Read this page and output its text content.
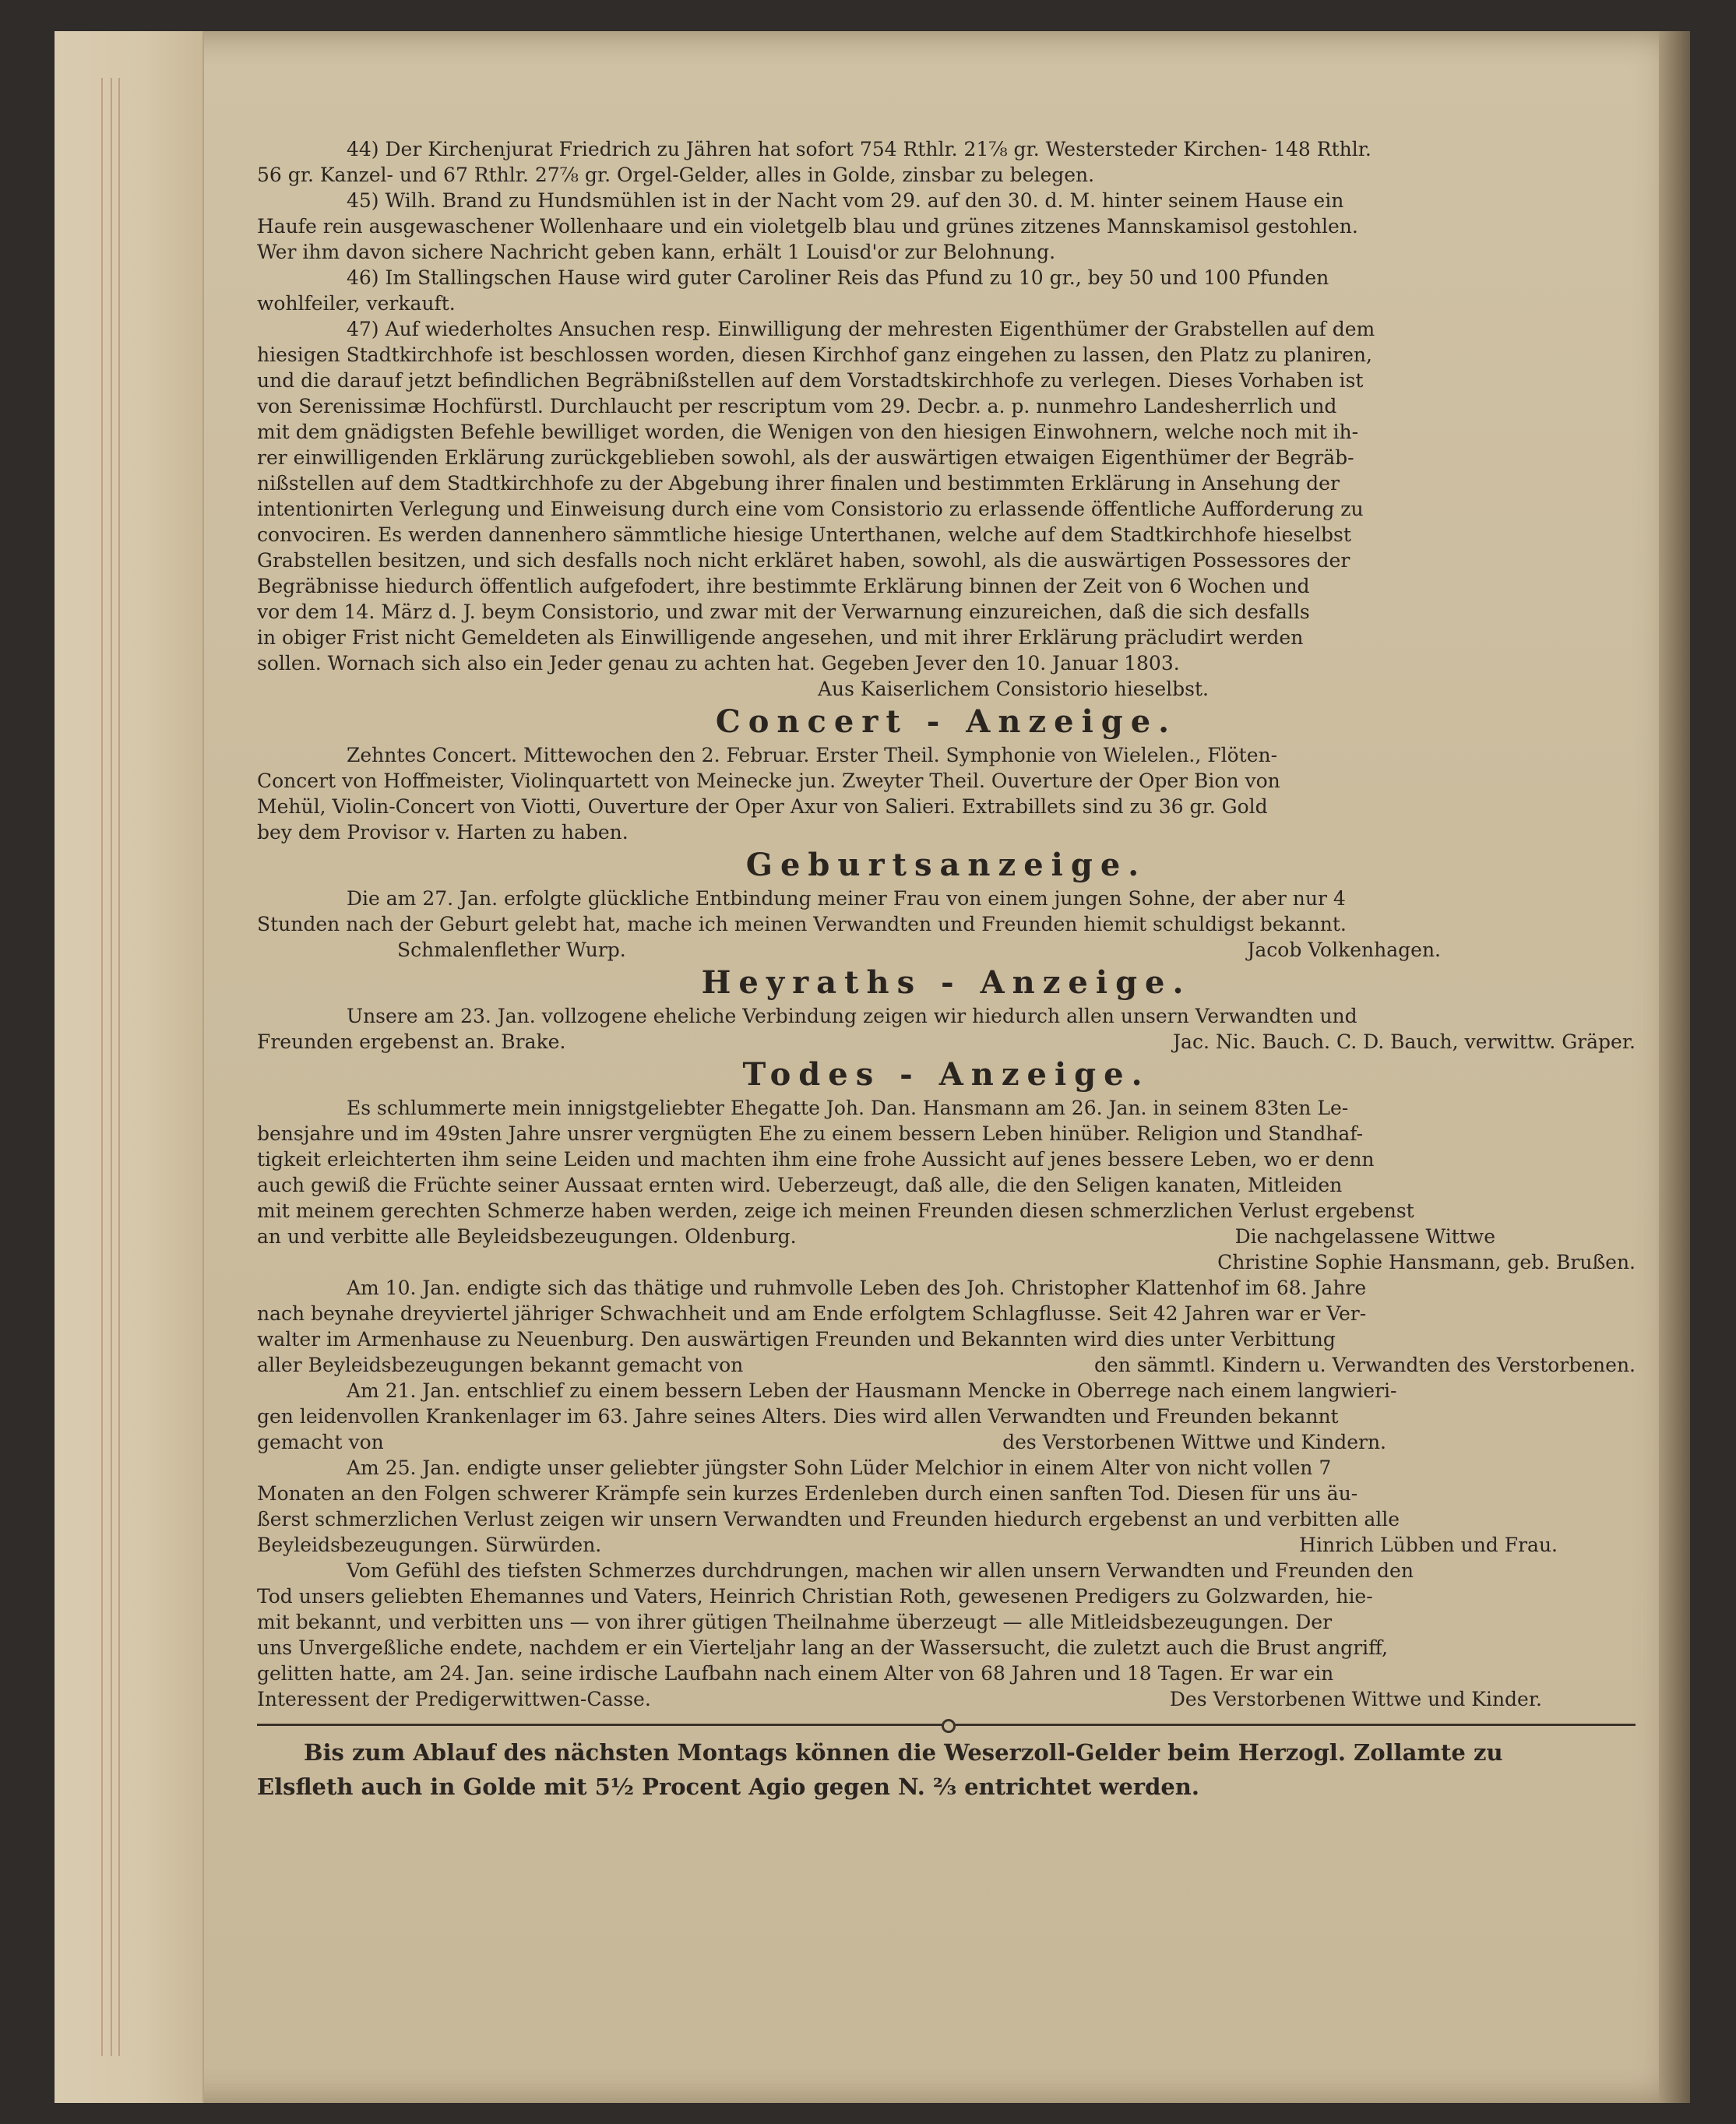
44) Der Kirchenjurat Friedrich zu Jähren hat sofort 754 Rthlr. 21⅞ gr. Westersteder Kirchen- 148 Rthlr.
56 gr. Kanzel- und 67 Rthlr. 27⅞ gr. Orgel-Gelder, alles in Golde, zinsbar zu belegen.
45) Wilh. Brand zu Hundsmühlen ist in der Nacht vom 29. auf den 30. d. M. hinter seinem Hause ein
Haufe rein ausgewaschener Wollenhaare und ein violetgelb blau und grünes zitzenes Mannskamisol gestohlen.
Wer ihm davon sichere Nachricht geben kann, erhält 1 Louisd'or zur Belohnung.
46) Im Stallingschen Hause wird guter Caroliner Reis das Pfund zu 10 gr., bey 50 und 100 Pfunden
wohlfeiler, verkauft.
47) Auf wiederholtes Ansuchen resp. Einwilligung der mehresten Eigenthümer der Grabstellen auf dem
hiesigen Stadtkirchhofe ist beschlossen worden, diesen Kirchhof ganz eingehen zu lassen, den Platz zu planiren,
und die darauf jetzt befindlichen Begräbnißstellen auf dem Vorstadtskirchhofe zu verlegen. Dieses Vorhaben ist
von Serenissimæ Hochfürstl. Durchlaucht per rescriptum vom 29. Decbr. a. p. nunmehro Landesherrlich und
mit dem gnädigsten Befehle bewilliget worden, die Wenigen von den hiesigen Einwohnern, welche noch mit ih-
rer einwilligenden Erklärung zurückgeblieben sowohl, als der auswärtigen etwaigen Eigenthümer der Begräb-
nißstellen auf dem Stadtkirchhofe zu der Abgebung ihrer finalen und bestimmten Erklärung in Ansehung der
intentionirten Verlegung und Einweisung durch eine vom Consistorio zu erlassende öffentliche Aufforderung zu
convociren. Es werden dannenhero sämmtliche hiesige Unterthanen, welche auf dem Stadtkirchhofe hieselbst
Grabstellen besitzen, und sich desfalls noch nicht erkläret haben, sowohl, als die auswärtigen Possessores der
Begräbnisse hiedurch öffentlich aufgefodert, ihre bestimmte Erklärung binnen der Zeit von 6 Wochen und
vor dem 14. März d. J. beym Consistorio, und zwar mit der Verwarnung einzureichen, daß die sich desfalls
in obiger Frist nicht Gemeldeten als Einwilligende angesehen, und mit ihrer Erklärung präcludirt werden
sollen. Wornach sich also ein Jeder genau zu achten hat. Gegeben Jever den 10. Januar 1803.
Aus Kaiserlichem Consistorio hieselbst.
Concert - Anzeige.
Zehntes Concert. Mittewochen den 2. Februar. Erster Theil. Symphonie von Wielelen., Flöten-
Concert von Hoffmeister, Violinquartett von Meinecke jun. Zweyter Theil. Ouverture der Oper Bion von
Mehül, Violin-Concert von Viotti, Ouverture der Oper Axur von Salieri. Extrabillets sind zu 36 gr. Gold
bey dem Provisor v. Harten zu haben.
Geburtsanzeige.
Die am 27. Jan. erfolgte glückliche Entbindung meiner Frau von einem jungen Sohne, der aber nur 4
Stunden nach der Geburt gelebt hat, mache ich meinen Verwandten und Freunden hiemit schuldigst bekannt.
Schmalenflether Wurp.	Jacob Volkenhagen.
Heyraths - Anzeige.
Unsere am 23. Jan. vollzogene eheliche Verbindung zeigen wir hiedurch allen unsern Verwandten und
Freunden ergebenst an. Brake.	Jac. Nic. Bauch. C. D. Bauch, verwittw. Gräper.
Todes - Anzeige.
Es schlummerte mein innigstgeliebter Ehegatte Joh. Dan. Hansmann am 26. Jan. in seinem 83ten Le-
bensjahre und im 49sten Jahre unsrer vergnügten Ehe zu einem bessern Leben hinüber. Religion und Standhaf-
tigkeit erleichterten ihm seine Leiden und machten ihm eine frohe Aussicht auf jenes bessere Leben, wo er denn
auch gewiß die Früchte seiner Aussaat ernten wird. Ueberzeugt, daß alle, die den Seligen kanaten, Mitleiden
mit meinem gerechten Schmerze haben werden, zeige ich meinen Freunden diesen schmerzlichen Verlust ergebenst
an und verbitte alle Beyleidsbezeugungen. Oldenburg.	Die nachgelassene Wittwe
Christine Sophie Hansmann, geb. Brußen.
Am 10. Jan. endigte sich das thätige und ruhmvolle Leben des Joh. Christopher Klattenhof im 68. Jahre
nach beynahe dreyviertel jähriger Schwachheit und am Ende erfolgtem Schlagflusse. Seit 42 Jahren war er Ver-
walter im Armenhause zu Neuenburg. Den auswärtigen Freunden und Bekannten wird dies unter Verbittung
aller Beyleidsbezeugungen bekannt gemacht von	den sämmtl. Kindern u. Verwandten des Verstorbenen.
Am 21. Jan. entschlief zu einem bessern Leben der Hausmann Mencke in Oberrege nach einem langwieri-
gen leidenvollen Krankenlager im 63. Jahre seines Alters. Dies wird allen Verwandten und Freunden bekannt
gemacht von	des Verstorbenen Wittwe und Kindern.
Am 25. Jan. endigte unser geliebter jüngster Sohn Lüder Melchior in einem Alter von nicht vollen 7
Monaten an den Folgen schwerer Krämpfe sein kurzes Erdenleben durch einen sanften Tod. Diesen für uns äu-
ßerst schmerzlichen Verlust zeigen wir unsern Verwandten und Freunden hiedurch ergebenst an und verbitten alle
Beyleidsbezeugungen. Sürwürden.	Hinrich Lübben und Frau.
Vom Gefühl des tiefsten Schmerzes durchdrungen, machen wir allen unsern Verwandten und Freunden den
Tod unsers geliebten Ehemannes und Vaters, Heinrich Christian Roth, gewesenen Predigers zu Golzwarden, hie-
mit bekannt, und verbitten uns — von ihrer gütigen Theilnahme überzeugt — alle Mitleidsbezeugungen. Der
uns Unvergeßliche endete, nachdem er ein Vierteljahr lang an der Wassersucht, die zuletzt auch die Brust angriff,
gelitten hatte, am 24. Jan. seine irdische Laufbahn nach einem Alter von 68 Jahren und 18 Tagen. Er war ein
Interessent der Predigerwittwen-Casse.	Des Verstorbenen Wittwe und Kinder.
Bis zum Ablauf des nächsten Montags können die Weserzoll-Gelder beim Herzogl. Zollamte zu
Elsfleth auch in Golde mit 5½ Procent Agio gegen N. ⅔ entrichtet werden.
